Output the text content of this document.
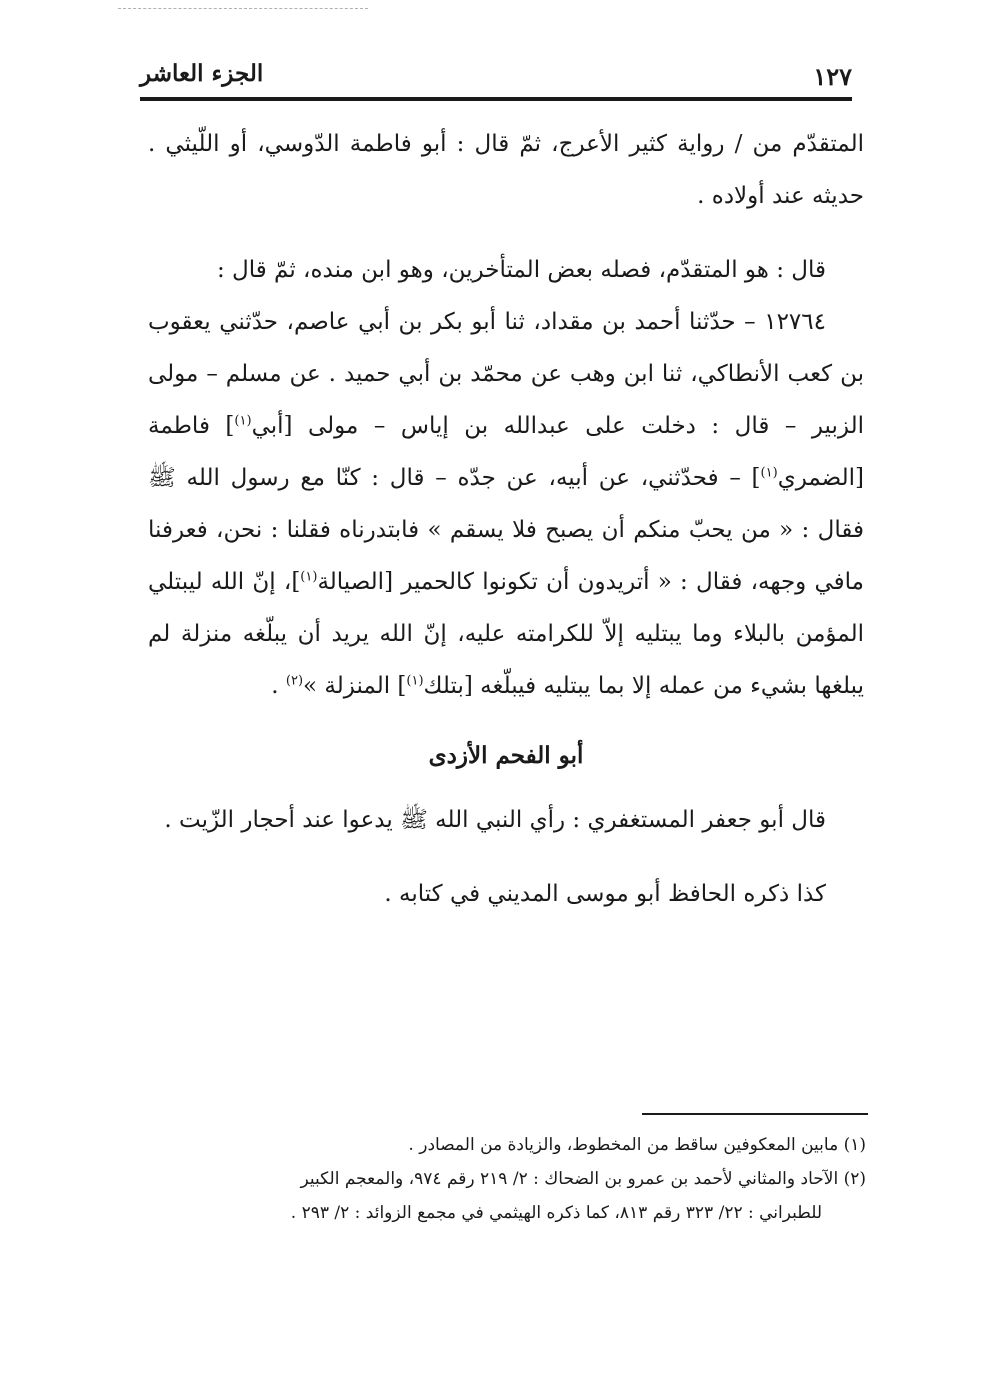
١٢٧
الجزء العاشر

المتقدّم من / رواية كثير الأعرج، ثمّ قال : أبو فاطمة الدّوسي، أو اللّيثي . حديثه عند أولاده .

قال : هو المتقدّم، فصله بعض المتأخرين، وهو ابن منده، ثمّ قال :

١٢٧٦٤ – حدّثنا أحمد بن مقداد، ثنا أبو بكر بن أبي عاصم، حدّثني يعقوب بن كعب الأنطاكي، ثنا ابن وهب عن محمّد بن أبي حميد . عن مسلم – مولى الزبير – قال : دخلت على عبدالله بن إياس – مولى [أبي$^{(١)}$] فاطمة [الضمري$^{(١)}$] – فحدّثني، عن أبيه، عن جدّه – قال : كنّا مع رسول الله ﷺ فقال : « من يحبّ منكم أن يصبح فلا يسقم » فابتدرناه فقلنا : نحن، فعرفنا مافي وجهه، فقال : « أتريدون أن تكونوا كالحمير [الصيالة$^{(١)}$]، إنّ الله ليبتلي المؤمن بالبلاء وما يبتليه إلاّ للكرامته عليه، إنّ الله يريد أن يبلّغه منزلة لم يبلغها بشيء من عمله إلا بما يبتليه فيبلّغه [بتلك$^{(١)}$] المنزلة »$^{(٢)}$ .

أبو الفحم الأزدى

قال أبو جعفر المستغفري : رأي النبي الله ﷺ يدعوا عند أحجار الزّيت .

كذا ذكره الحافظ أبو موسى المديني في كتابه .

(١) مابين المعكوفين ساقط من المخطوط، والزيادة من المصادر .

(٢) الآحاد والمثاني لأحمد بن عمرو بن الضحاك : ٢/ ٢١٩ رقم ٩٧٤، والمعجم الكبير

للطبراني : ٢٢/ ٣٢٣ رقم ٨١٣، كما ذكره الهيثمي في مجمع الزوائد : ٢/ ٢٩٣ .
